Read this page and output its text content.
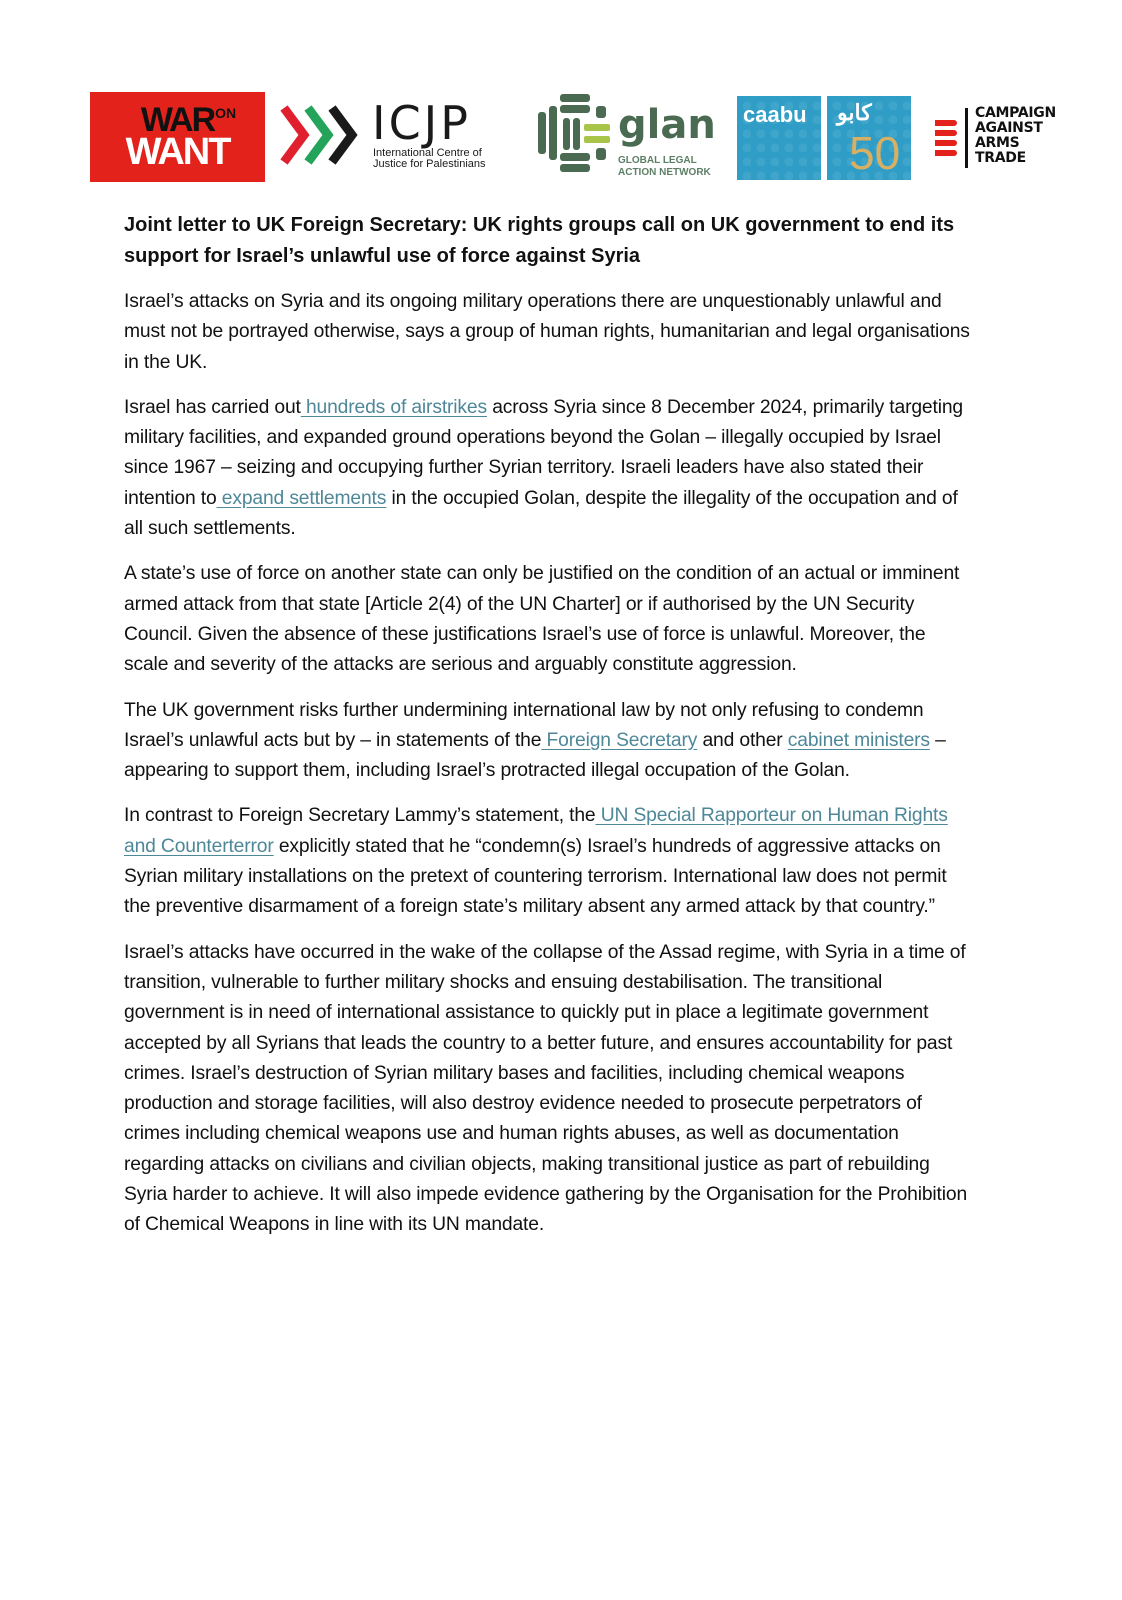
WAR ON
WANT
ICJP
International Centre of
Justice for Palestinians
glan
GLOBAL LEGAL
ACTION NETWORK
caabu كابو
50
CAMPAIGN
AGAINST
ARMS
TRADE
Joint letter to UK Foreign Secretary: UK rights groups call on UK government to end its support for Israel’s unlawful use of force against Syria

Israel’s attacks on Syria and its ongoing military operations there are unquestionably unlawful and must not be portrayed otherwise, says a group of human rights, humanitarian and legal organisations in the UK.

Israel has carried out hundreds of airstrikes across Syria since 8 December 2024, primarily targeting military facilities, and expanded ground operations beyond the Golan – illegally occupied by Israel since 1967 – seizing and occupying further Syrian territory. Israeli leaders have also stated their intention to expand settlements in the occupied Golan, despite the illegality of the occupation and of all such settlements.

A state’s use of force on another state can only be justified on the condition of an actual or imminent armed attack from that state [Article 2(4) of the UN Charter] or if authorised by the UN Security Council. Given the absence of these justifications Israel’s use of force is unlawful. Moreover, the scale and severity of the attacks are serious and arguably constitute aggression.

The UK government risks further undermining international law by not only refusing to condemn Israel’s unlawful acts but by – in statements of the Foreign Secretary and other cabinet ministers – appearing to support them, including Israel’s protracted illegal occupation of the Golan.

In contrast to Foreign Secretary Lammy’s statement, the UN Special Rapporteur on Human Rights and Counterterror explicitly stated that he “condemn(s) Israel’s hundreds of aggressive attacks on Syrian military installations on the pretext of countering terrorism. International law does not permit the preventive disarmament of a foreign state’s military absent any armed attack by that country.”

Israel’s attacks have occurred in the wake of the collapse of the Assad regime, with Syria in a time of transition, vulnerable to further military shocks and ensuing destabilisation. The transitional government is in need of international assistance to quickly put in place a legitimate government accepted by all Syrians that leads the country to a better future, and ensures accountability for past crimes. Israel’s destruction of Syrian military bases and facilities, including chemical weapons production and storage facilities, will also destroy evidence needed to prosecute perpetrators of crimes including chemical weapons use and human rights abuses, as well as documentation regarding attacks on civilians and civilian objects, making transitional justice as part of rebuilding Syria harder to achieve. It will also impede evidence gathering by the Organisation for the Prohibition of Chemical Weapons in line with its UN mandate.
